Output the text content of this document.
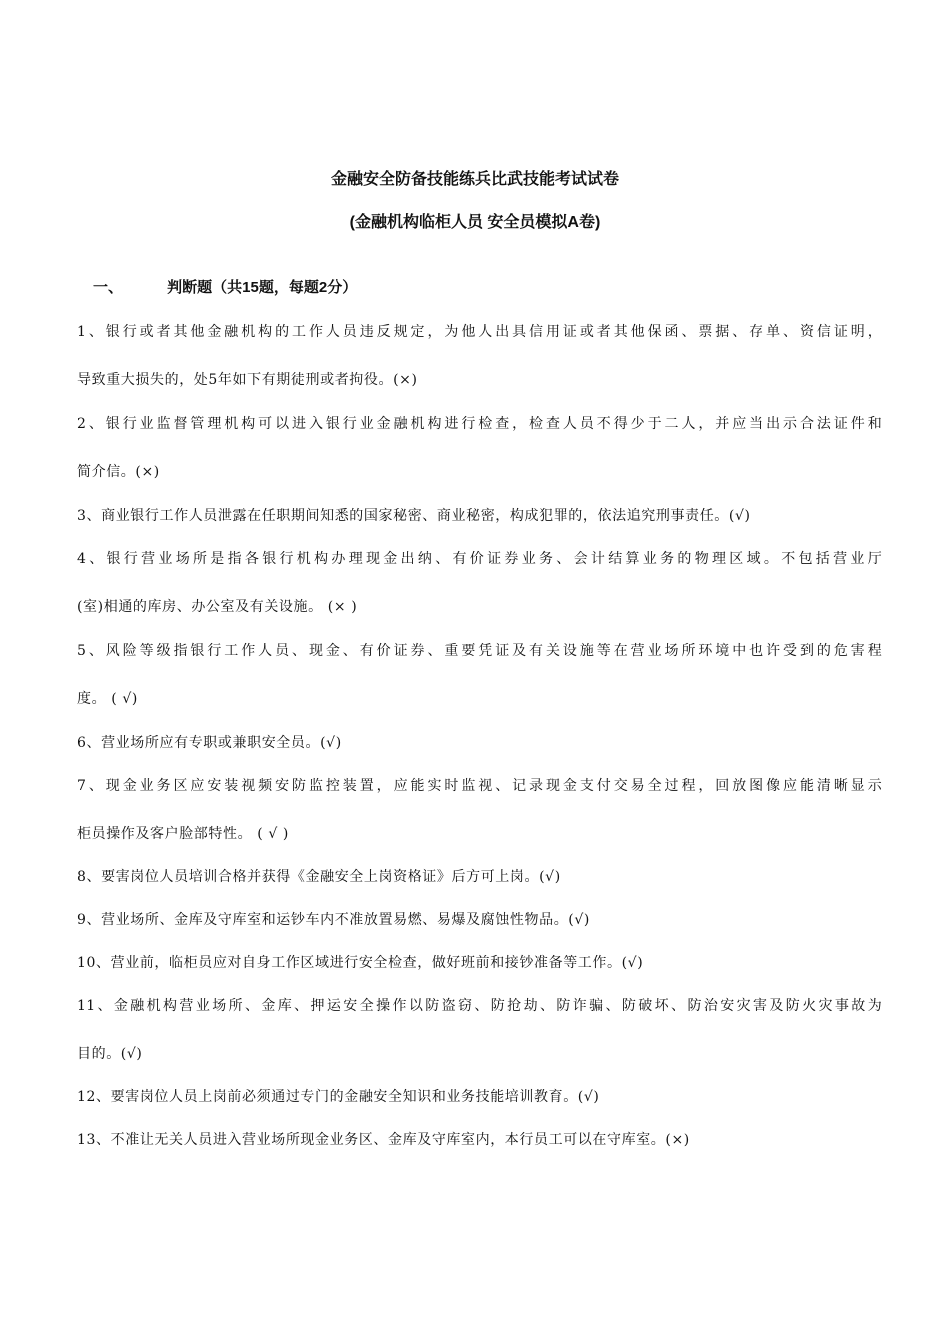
金融安全防备技能练兵比武技能考试试卷
(金融机构临柜人员 安全员模拟A卷)
一、	判断题（共15题，每题2分）
1、银行或者其他金融机构的工作人员违反规定，为他人出具信用证或者其他保函、票据、存单、资信证明，
导致重大损失的，处5年如下有期徒刑或者拘役。(×)
2、银行业监督管理机构可以进入银行业金融机构进行检查，检查人员不得少于二人，并应当出示合法证件和
简介信。(×)
3、商业银行工作人员泄露在任职期间知悉的国家秘密、商业秘密，构成犯罪的，依法追究刑事责任。(√)
4、银行营业场所是指各银行机构办理现金出纳、有价证券业务、会计结算业务的物理区域。不包括营业厅
(室)相通的库房、办公室及有关设施。 (× )
5、风险等级指银行工作人员、现金、有价证券、重要凭证及有关设施等在营业场所环境中也许受到的危害程
度。 ( √)
6、营业场所应有专职或兼职安全员。(√)
7、现金业务区应安装视频安防监控装置，应能实时监视、记录现金支付交易全过程，回放图像应能清晰显示
柜员操作及客户脸部特性。 ( √ )
8、要害岗位人员培训合格并获得《金融安全上岗资格证》后方可上岗。(√)
9、营业场所、金库及守库室和运钞车内不准放置易燃、易爆及腐蚀性物品。(√)
10、营业前，临柜员应对自身工作区域进行安全检查，做好班前和接钞准备等工作。(√)
11、金融机构营业场所、金库、押运安全操作以防盗窃、防抢劫、防诈骗、防破坏、防治安灾害及防火灾事故为
目的。(√)
12、要害岗位人员上岗前必须通过专门的金融安全知识和业务技能培训教育。(√)
13、不准让无关人员进入营业场所现金业务区、金库及守库室内，本行员工可以在守库室。(×)
